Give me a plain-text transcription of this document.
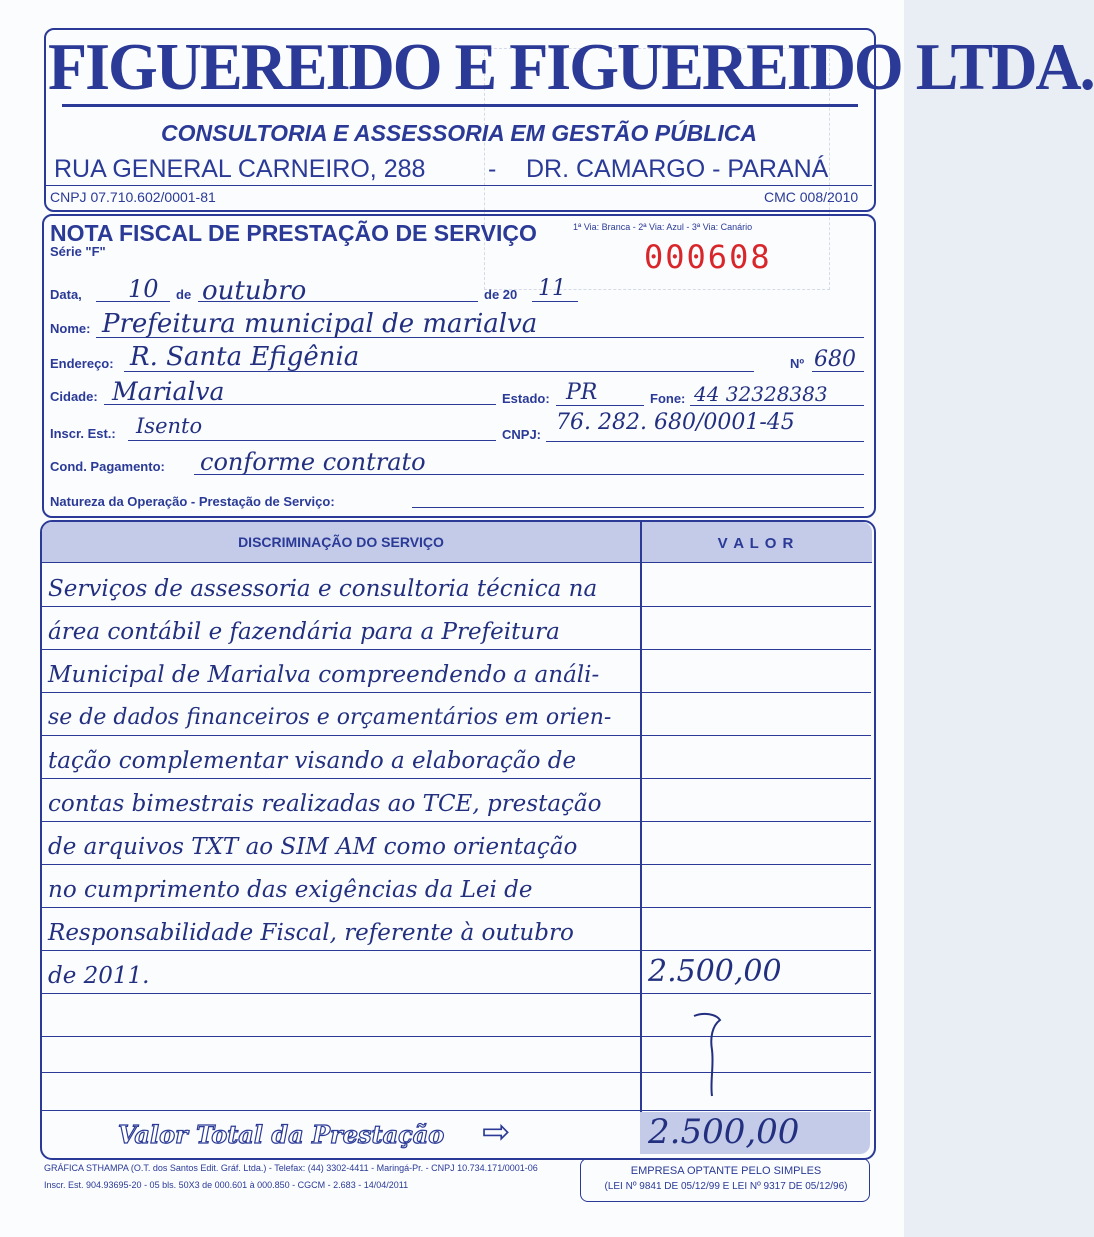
FIGUEREIDO E FIGUEREIDO LTDA.
CONSULTORIA E ASSESSORIA EM GESTÃO PÚBLICA
RUA GENERAL CARNEIRO, 288	- DR. CAMARGO - PARANÁ
CNPJ 07.710.602/0001-81	CMC 008/2010
NOTA FISCAL DE PRESTAÇÃO DE SERVIÇO
Série "F"
1ª Via: Branca - 2ª Via: Azul - 3ª Via: Canário
000608
Data, 10 de outubro	de 20 11
Nome: Prefeitura municipal de marialva
Endereço: R. Santa Efigênia	Nº 680
Cidade: Marialva	Estado: PR	Fone: 44 32328383
Inscr. Est.: Isento	CNPJ: 76. 282. 680/0001-45
Cond. Pagamento: conforme contrato
Natureza da Operação - Prestação de Serviço:
DISCRIMINAÇÃO DO SERVIÇO	V A L O R
Serviços de assessoria e consultoria técnica na
área contábil e fazendária para a Prefeitura
Municipal de Marialva compreendendo a análi-
se de dados financeiros e orçamentários em orien-
tação complementar visando a elaboração de
contas bimestrais realizadas ao TCE, prestação
de arquivos TXT ao SIM AM como orientação
no cumprimento das exigências da Lei de
Responsabilidade Fiscal, referente à outubro
de 2011.	2.500,00
Valor Total da Prestação ⇨	2.500,00
GRÁFICA STHAMPA (O.T. dos Santos Edit. Gráf. Ltda.) - Telefax: (44) 3302-4411 - Maringá-Pr. - CNPJ 10.734.171/0001-06
Inscr. Est. 904.93695-20 - 05 bls. 50X3 de 000.601 à 000.850 - CGCM - 2.683 - 14/04/2011
EMPRESA OPTANTE PELO SIMPLES
(LEI Nº 9841 DE 05/12/99 E LEI Nº 9317 DE 05/12/96)
